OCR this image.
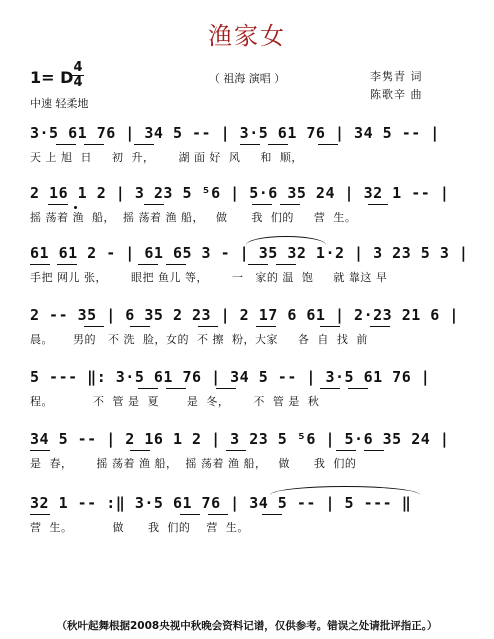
渔家女
1= D
4
4
中速 轻柔地
（ 祖海 演唱 ）	李隽青 词
陈歌辛 曲
3·5 61 76 | 34 5 -- | 3·5 61 76 | 34 5 -- |
天 上 旭  日     初  升，      湖 面 好  风     和  顺，
2 16 1 2 | 3 23 5 ⁵6 | 5·6 35 24 | 32 1 -- |
摇 荡着 渔  船，  摇 荡着 渔 船，   做      我  们的     营  生。
61 61 2 - | 61 65 3 - | 35 32 1·2 | 3 23 5 3 |
手把 网儿 张，      眼把 鱼儿 等，      一   家的 温  饱     就 靠这 早
2 -- 35 | 6 35 2 23 | 2 17 6 61 | 2·23 21 6 |
晨。     男的   不 洗  脸，女的  不 擦  粉，大家     各  自  找  前
5 --- ‖: 3·5 61 76 | 34 5 -- | 3·5 61 76 |
程。          不  管 是  夏       是  冬，      不  管 是  秋
34 5 -- | 2 16 1 2 | 3 23 5 ⁵6 | 5·6 35 24 |
是  春，      摇 荡着 渔 船，  摇 荡着 渔 船，   做      我  们的
32 1 -- :‖ 3·5 61 76 | 34 5 -- | 5 --- ‖
营  生。          做      我  们的    营  生。
（秋叶起舞根据2008央视中秋晚会资料记谱，仅供参考。错误之处请批评指正。）
